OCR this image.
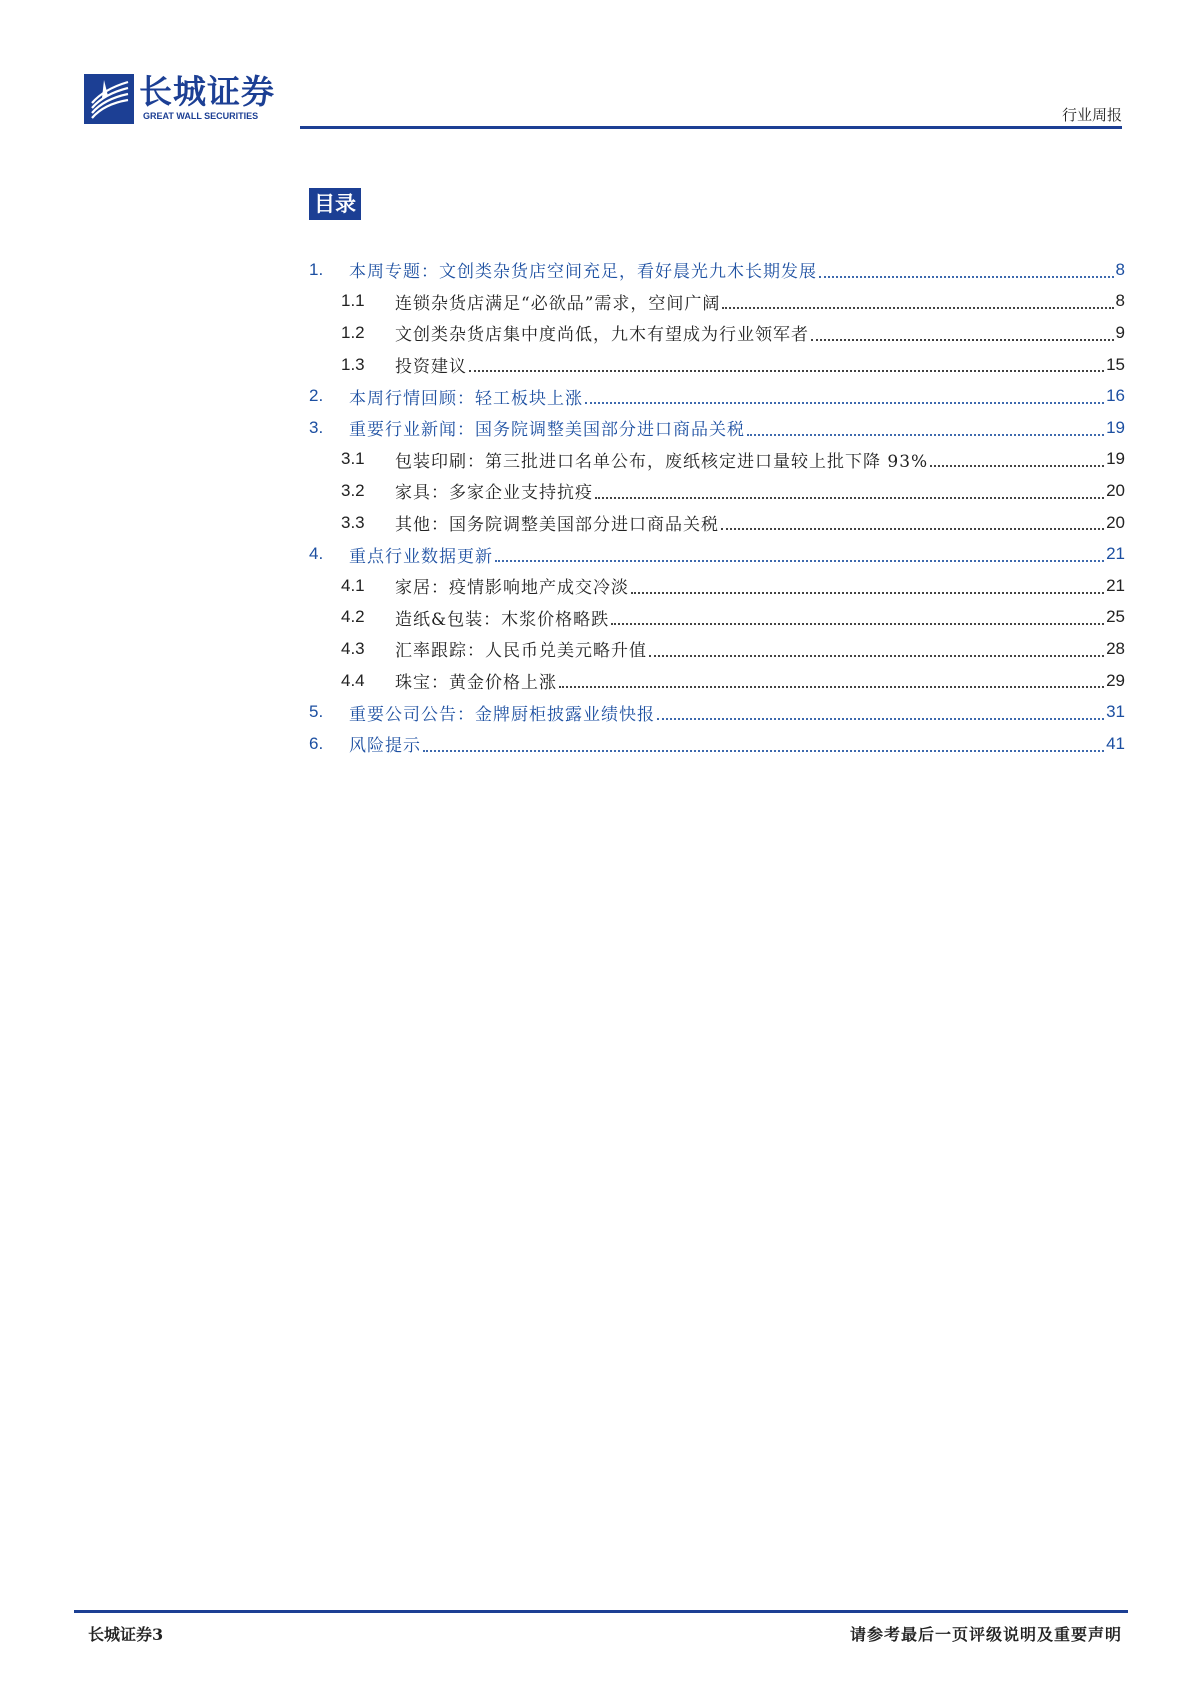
长城证券
GREAT WALL SECURITIES	行业周报
目录
1.	本周专题：文创类杂货店空间充足，看好晨光九木长期发展	8
1.1	连锁杂货店满足“必欲品”需求，空间广阔	8
1.2	文创类杂货店集中度尚低，九木有望成为行业领军者	9
1.3	投资建议	15
2.	本周行情回顾：轻工板块上涨	16
3.	重要行业新闻：国务院调整美国部分进口商品关税	19
3.1	包装印刷：第三批进口名单公布，废纸核定进口量较上批下降 93%	19
3.2	家具：多家企业支持抗疫	20
3.3	其他：国务院调整美国部分进口商品关税	20
4.	重点行业数据更新	21
4.1	家居：疫情影响地产成交冷淡	21
4.2	造纸&包装：木浆价格略跌	25
4.3	汇率跟踪：人民币兑美元略升值	28
4.4	珠宝：黄金价格上涨	29
5.	重要公司公告：金牌厨柜披露业绩快报	31
6.	风险提示	41
长城证券3	请参考最后一页评级说明及重要声明
